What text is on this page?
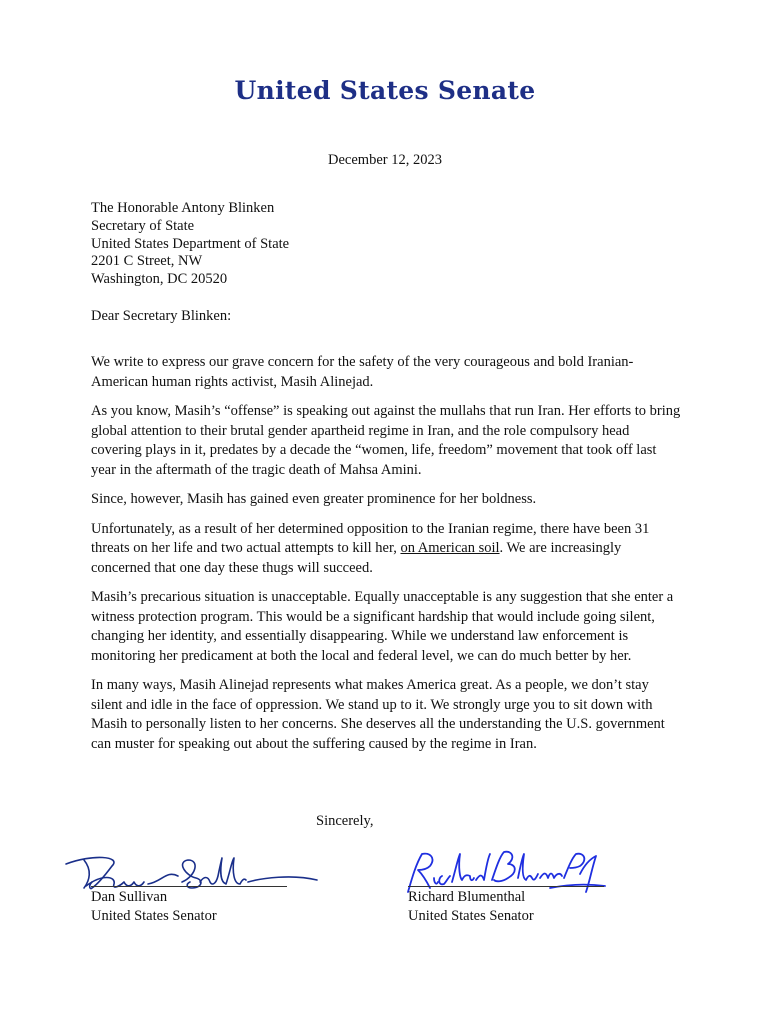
United States Senate
December 12, 2023
The Honorable Antony Blinken
Secretary of State
United States Department of State
2201 C Street, NW
Washington, DC 20520
Dear Secretary Blinken:

We write to express our grave concern for the safety of the very courageous and bold Iranian-American human rights activist, Masih Alinejad.

As you know, Masih’s “offense” is speaking out against the mullahs that run Iran. Her efforts to bring global attention to their brutal gender apartheid regime in Iran, and the role compulsory head covering plays in it, predates by a decade the “women, life, freedom” movement that took off last year in the aftermath of the tragic death of Mahsa Amini.

Since, however, Masih has gained even greater prominence for her boldness.

Unfortunately, as a result of her determined opposition to the Iranian regime, there have been 31 threats on her life and two actual attempts to kill her, on American soil. We are increasingly concerned that one day these thugs will succeed.

Masih’s precarious situation is unacceptable. Equally unacceptable is any suggestion that she enter a witness protection program. This would be a significant hardship that would include going silent, changing her identity, and essentially disappearing. While we understand law enforcement is monitoring her predicament at both the local and federal level, we can do much better by her.

In many ways, Masih Alinejad represents what makes America great. As a people, we don’t stay silent and idle in the face of oppression. We stand up to it. We strongly urge you to sit down with Masih to personally listen to her concerns. She deserves all the understanding the U.S. government can muster for speaking out about the suffering caused by the regime in Iran.

Sincerely,
Dan Sullivan
United States Senator
Richard Blumenthal
United States Senator
